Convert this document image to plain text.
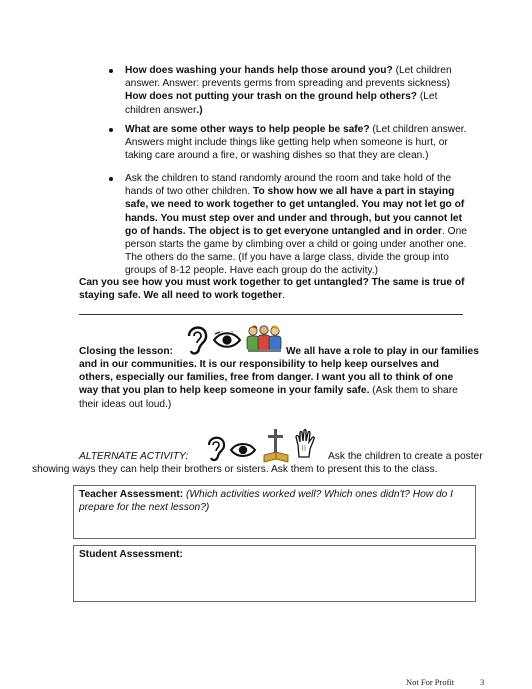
How does washing your hands help those around you? (Let children
answer. Answer: prevents germs from spreading and prevents sickness)
How does not putting your trash on the ground help others? (Let
children answer.)
What are some other ways to help people be safe? (Let children answer.
Answers might include things like getting help when someone is hurt, or
taking care around a fire, or washing dishes so that they are clean.)
Ask the children to stand randomly around the room and take hold of the
hands of two other children. To show how we all have a part in staying
safe, we need to work together to get untangled. You may not let go of
hands. You must step over and under and through, but you cannot let
go of hands. The object is to get everyone untangled and in order. One
person starts the game by climbing over a child or going under another one.
The others do the same. (If you have a large class, divide the group into
groups of 8-12 people. Have each group do the activity.)
Can you see how you must work together to get untangled? The same is true of
staying safe. We all need to work together.
Closing the lesson:	We all have a role to play in our families
and in our communities. It is our responsibility to help keep ourselves and
others, especially our families, free from danger. I want you all to think of one
way that you plan to help keep someone in your family safe. (Ask them to share
their ideas out loud.)
ALTERNATE ACTIVITY:	Ask the children to create a poster
showing ways they can help their brothers or sisters. Ask them to present this to the class.
Teacher Assessment: (Which activities worked well? Which ones didn't? How do I
prepare for the next lesson?)
Student Assessment:
Not For Profit	3
